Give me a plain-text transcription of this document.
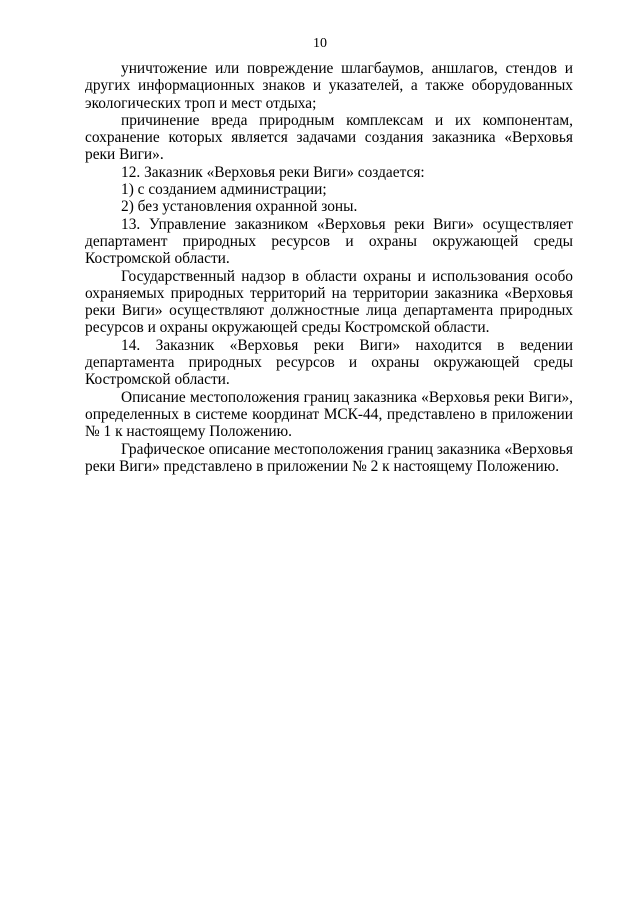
10

уничтожение или повреждение шлагбаумов, аншлагов, стендов и других информационных знаков и указателей, а также оборудованных экологических троп и мест отдыха;

причинение вреда природным комплексам и их компонентам, сохранение которых является задачами создания заказника «Верховья реки Виги».

12. Заказник «Верховья реки Виги» создается:

1) с созданием администрации;

2) без установления охранной зоны.

13. Управление заказником «Верховья реки Виги» осуществляет департамент природных ресурсов и охраны окружающей среды Костромской области.

Государственный надзор в области охраны и использования особо охраняемых природных территорий на территории заказника «Верховья реки Виги» осуществляют должностные лица департамента природных ресурсов и охраны окружающей среды Костромской области.

14. Заказник «Верховья реки Виги» находится в ведении департамента природных ресурсов и охраны окружающей среды Костромской области.

Описание местоположения границ заказника «Верховья реки Виги», определенных в системе координат МСК-44, представлено в приложении № 1 к настоящему Положению.

Графическое описание местоположения границ заказника «Верховья реки Виги» представлено в приложении № 2 к настоящему Положению.
